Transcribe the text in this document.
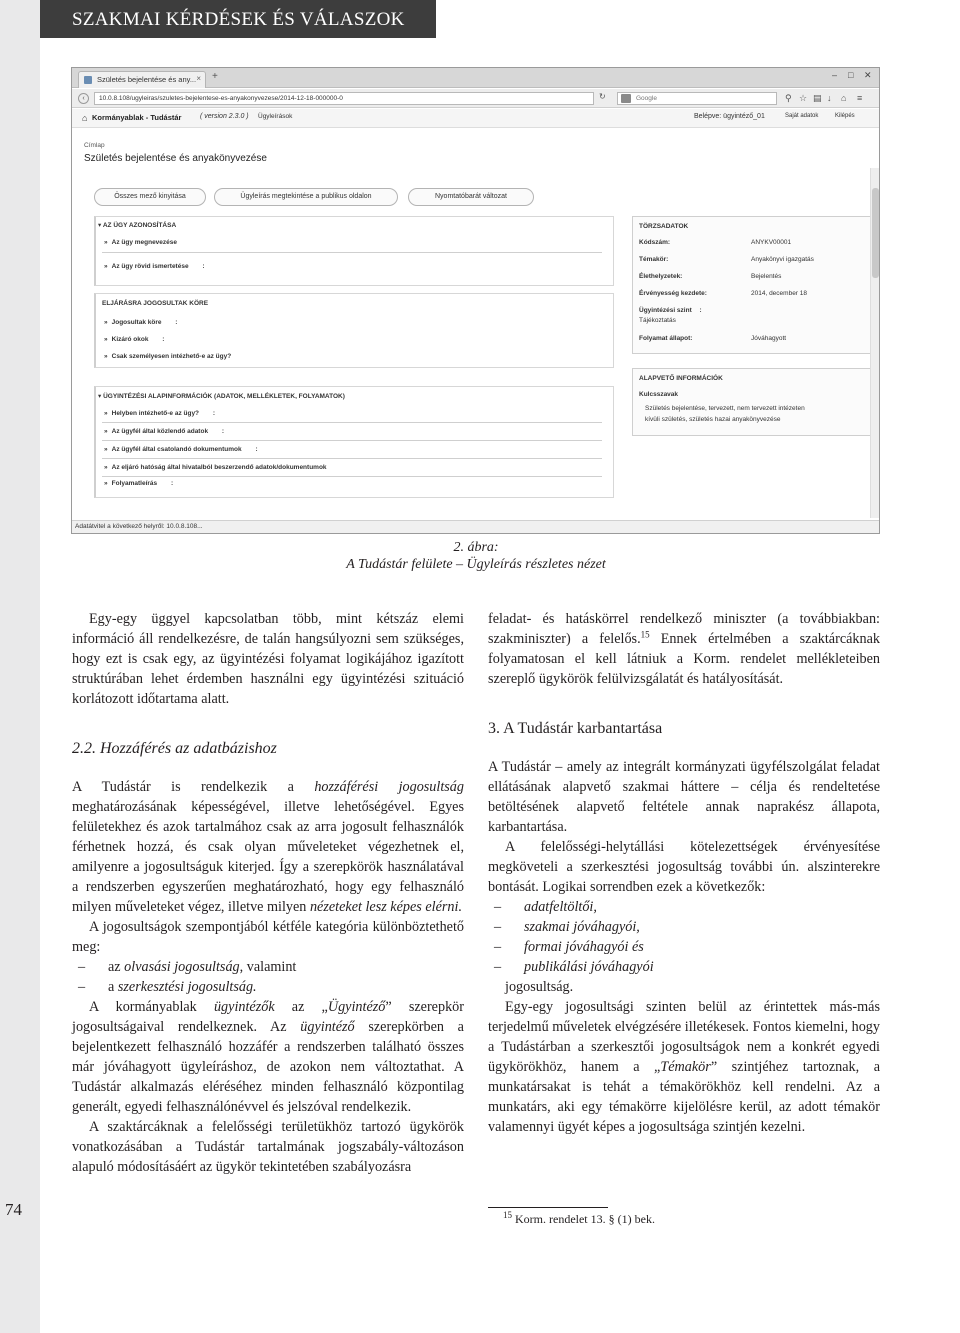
74
SZAKMAI KÉRDÉSEK ÉS VÁLASZOK
Születés bejelentése és any... × +	– □ ✕
‹	10.0.8.108/ugyleiras/szuletes-bejelentese-es-anyakonyvezese/2014-12-18-000000-0	↻	Google	⚲ ☆ ▤ ↓ ⌂ ≡
⌂ Kormányablak - Tudástár	( version 2.3.0 ) Ügyleírások	Belépve: ügyintéző_01	Saját adatok	Kilépés
Címlap
Születés bejelentése és anyakönyvezése
Összes mező kinyitása	Ügyleírás megtekintése a publikus oldalon	Nyomtatóbarát változat
▾ AZ ÜGY AZONOSÍTÁSA
» Az ügy megnevezése
» Az ügy rövid ismertetése :
ELJÁRÁSRA JOGOSULTAK KÖRE
» Jogosultak köre :
» Kizáró okok :
» Csak személyesen intézhető-e az ügy?
▾ ÜGYINTÉZÉSI ALAPINFORMÁCIÓK (ADATOK, MELLÉKLETEK, FOLYAMATOK)
» Helyben intézhető-e az ügy? :
» Az ügyfél által közlendő adatok :
» Az ügyfél által csatolandó dokumentumok :
» Az eljáró hatóság által hivatalból beszerzendő adatok/dokumentumok
» Folyamatleírás :
TÖRZSADATOK
Kódszám:	ANYKV00001
Témakör:	Anyakönyvi igazgatás
Élethelyzetek:	Bejelentés
Érvényesség kezdete:	2014, december 18
Ügyintézési szint :
Tájékoztatás
Folyamat állapot:	Jóváhagyott
ALAPVETŐ INFORMÁCIÓK
Kulcsszavak
Születés bejelentése, tervezett, nem tervezett intézeten
kívüli születés, születés hazai anyakönyvezése
Adatátvitel a következő helyről: 10.0.8.108...
2. ábra:
A Tudástár felülete – Ügyleírás részletes nézet

Egy-egy üggyel kapcsolatban több, mint kétszáz elemi információ áll rendelkezésre, de talán hangsúlyozni sem szükséges, hogy ezt is csak egy, az ügyintézési folyamat logikájához igazított struktúrában lehet érdemben használni egy ügyintézési szituáció korlátozott időtartama alatt.

2.2. Hozzáférés az adatbázishoz

A Tudástár is rendelkezik a hozzáférési jogosultság meghatározásának képességével, illetve lehetőségével. Egyes felületekhez és azok tartalmához csak az arra jogosult felhasználók férhetnek hozzá, és csak olyan műveleteket végezhetnek el, amilyenre a jogosultságuk kiterjed. Így a szerepkörök használatával a rendszerben egyszerűen meghatározható, hogy egy felhasználó milyen műveleteket végez, illetve milyen nézeteket lesz képes elérni.

A jogosultságok szempontjából kétféle kategória különböztethető meg:

– az olvasási jogosultság, valamint

– a szerkesztési jogosultság.

A kormányablak ügyintézők az „Ügyintéző” szerepkör jogosultságaival rendelkeznek. Az ügyintéző szerepkörben a bejelentkezett felhasználó hozzáfér a rendszerben található összes már jóváhagyott ügyleíráshoz, de azokon nem változtathat. A Tudástár alkalmazás eléréséhez minden felhasználó központilag generált, egyedi felhasználónévvel és jelszóval rendelkezik.

A szaktárcáknak a felelősségi területükhöz tartozó ügykörök vonatkozásában a Tudástár tartalmának jogszabály-változáson alapuló módosításáért az ügykör tekintetében szabályozásra

feladat- és hatáskörrel rendelkező miniszter (a továbbiakban: szakminiszter) a felelős.$^{15}$ Ennek értelmében a szaktárcáknak folyamatosan el kell látniuk a Korm. rendelet mellékleteiben szereplő ügykörök felülvizsgálatát és hatályosítását.

3. A Tudástár karbantartása

A Tudástár – amely az integrált kormányzati ügyfélszolgálat feladat ellátásának alapvető szakmai háttere – célja és rendeltetése betöltésének alapvető feltétele annak naprakész állapota, karbantartása.

A felelősségi-helytállási kötelezettségek érvényesítése megköveteli a szerkesztési jogosultság további ún. alszinterekre bontását. Logikai sorrendben ezek a következők:

– adatfeltöltői,

– szakmai jóváhagyói,

– formai jóváhagyói és

– publikálási jóváhagyói

jogosultság.

Egy-egy jogosultsági szinten belül az érintettek más-más terjedelmű műveletek elvégzésére illetékesek. Fontos kiemelni, hogy a Tudástárban a szerkesztői jogosultságok nem a konkrét egyedi ügykörökhöz, hanem a „Témakör” szintjéhez tartoznak, a munkatársakat is tehát a témakörökhöz kell rendelni. Az a munkatárs, aki egy témakörre kijelölésre kerül, az adott témakör valamennyi ügyét képes a jogosultsága szintjén kezelni.

$^{15}$ Korm. rendelet 13. § (1) bek.
